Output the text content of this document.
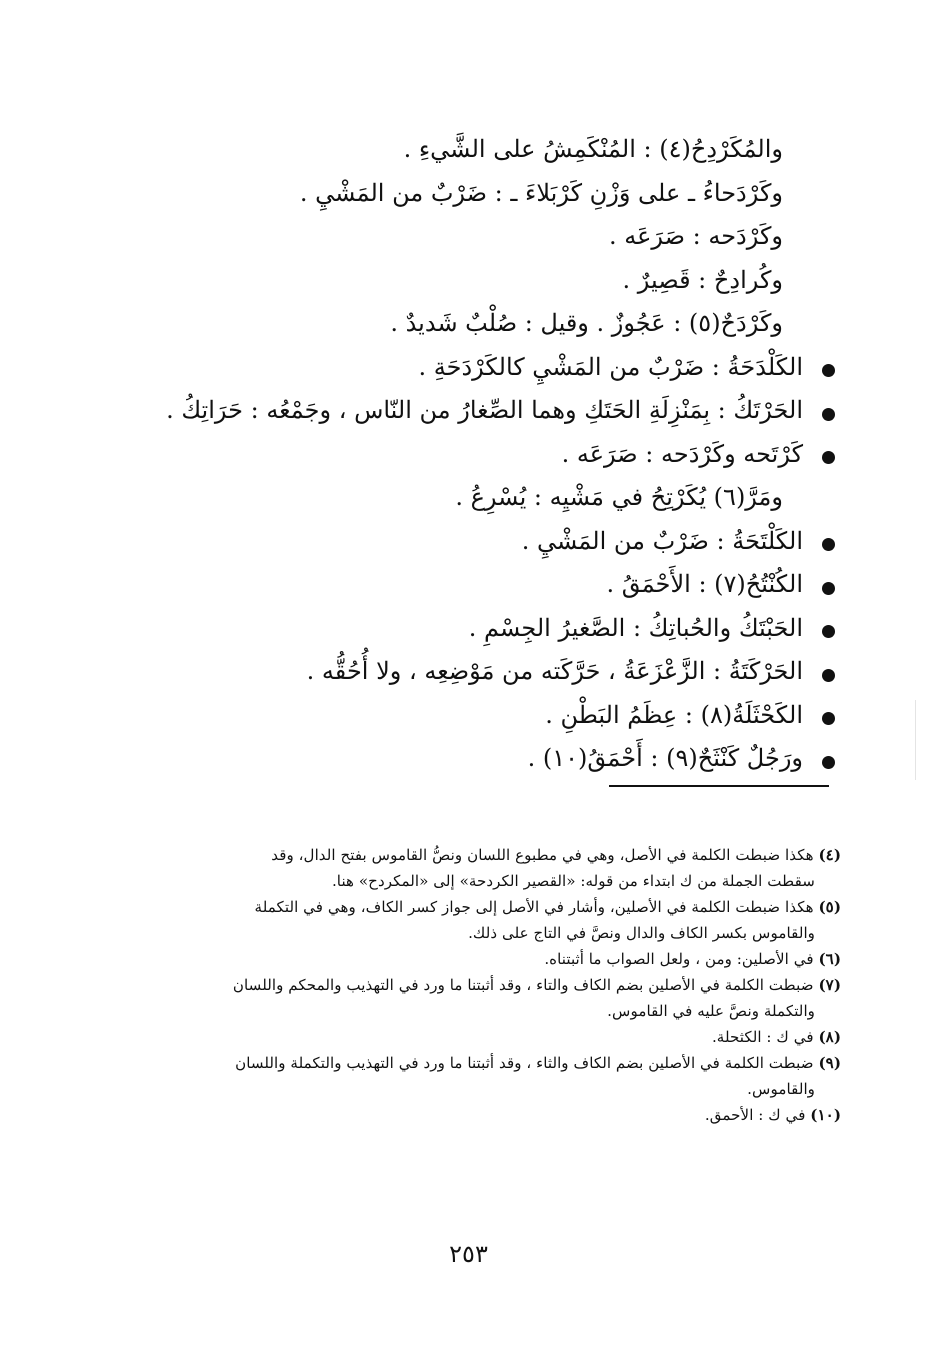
والمُكَرْدِحُ(٤) : المُنْكَمِشُ على الشَّيءِ .
وكَرْدَحاءُ ـ على وَزْنِ كَرْبَلاءَ ـ : ضَرْبٌ من المَشْيِ .
وكَرْدَحه : صَرَعَه .
وكُرادِحٌ : قَصِيرٌ .
وكَرْدَحٌ(٥) : عَجُوزٌ . وقيل : صُلْبٌ شَديدٌ .
الكَلْدَحَةُ : ضَرْبٌ من المَشْيِ كالكَرْدَحَةِ .
الحَرْتَكُ : بِمَنْزِلَةِ الحَتَكِ وهما الصِّغارُ من النّاس ، وجَمْعُه : حَرَاتِكُ .
كَرْتَحه وكَرْدَحه : صَرَعَه .
ومَرَّ(٦) يُكَرْتِحُ في مَشْيِه : يُسْرِعُ .
الكَلْتَحَةُ : ضَرْبٌ من المَشْيِ .
الكُنْتُحُ(٧) : الأَحْمَقُ .
الحَبْتَكُ والحُباتِكُ : الصَّغيرُ الجِسْمِ .
الحَرْكَتَةُ : الزَّعْزَعَةُ ، حَرَّكَته من مَوْضِعِه ، ولا أُحُقُّه .
الكَحْثَلَةُ(٨) : عِظَمُ البَطْنِ .
ورَجُلٌ كَنْثَحٌ(٩) : أَحْمَقُ(١٠) .

(٤) هكذا ضبطت الكلمة في الأصل، وهي في مطبوع اللسان ونصُّ القاموس بفتح الدال، وقد
سقطت الجملة من ك ابتداء من قوله: «القصير الكردحة» إلى «المكردح» هنا.

(٥) هكذا ضبطت الكلمة في الأصلين، وأشار في الأصل إلى جواز كسر الكاف، وهي في التكملة
والقاموس بكسر الكاف والدال ونصَّ في التاج على ذلك.

(٦) في الأصلين: ومن ، ولعل الصواب ما أثبتناه.

(٧) ضبطت الكلمة في الأصلين بضم الكاف والتاء ، وقد أثبتنا ما ورد في التهذيب والمحكم واللسان
والتكملة ونصَّ عليه في القاموس.

(٨) في ك : الكثحلة.

(٩) ضبطت الكلمة في الأصلين بضم الكاف والثاء ، وقد أثبتنا ما ورد في التهذيب والتكملة واللسان
والقاموس.

(١٠) في ك : الأحمق.

٢٥٣
